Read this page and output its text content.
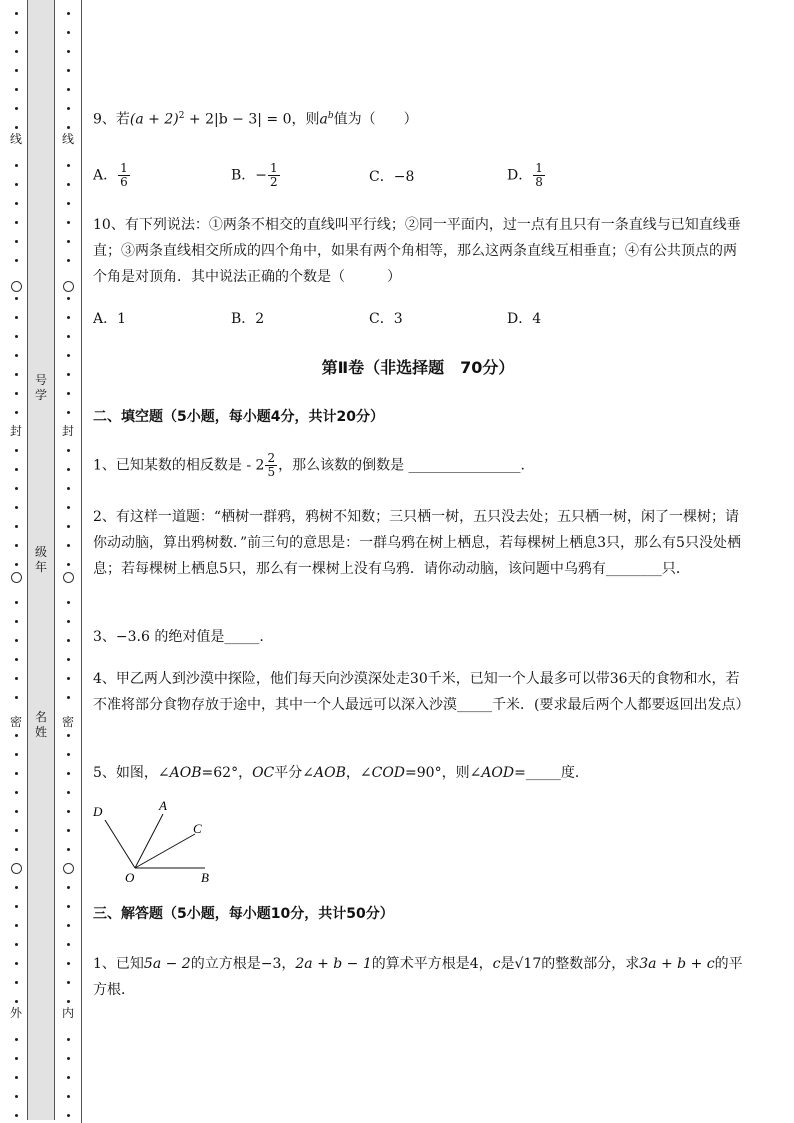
线
封
密
外
号
学
级
年
名
姓
线
封
密
内
9、若$(a + 2)^2 + 2|b - 3| = 0$，则$a^b$值为（　　）
A． $\frac{1}{6}$	B．− $\frac{1}{2}$	C．−8	D． $\frac{1}{8}$
10、有下列说法：①两条不相交的直线叫平行线；②同一平面内，过一点有且只有一条直线与已知直线垂直；③两条直线相交所成的四个角中，如果有两个角相等，那么这两条直线互相垂直；④有公共顶点的两个角是对顶角．其中说法正确的个数是（　　　）
A．1	B．2	C．3	D．4
第Ⅱ卷（非选择题　70分）
二、填空题（5小题，每小题4分，共计20分）
1、已知某数的相反数是 - $2 \frac{2}{5}$ ，那么该数的倒数是 ________________.
2、有这样一道题：“栖树一群鸦，鸦树不知数；三只栖一树，五只没去处；五只栖一树，闲了一棵树；请你动动脑，算出鸦树数．”前三句的意思是：一群乌鸦在树上栖息，若每棵树上栖息3只，那么有5只没处栖息；若每棵树上栖息5只，那么有一棵树上没有乌鸦．请你动动脑，该问题中乌鸦有________只．
3、−3.6 的绝对值是_____.
4、甲乙两人到沙漠中探险，他们每天向沙漠深处走30千米，已知一个人最多可以带36天的食物和水，若不准将部分食物存放于途中，其中一个人最远可以深入沙漠_____千米．(要求最后两个人都要返回出发点）
5、如图，∠AOB=62°，OC平分∠AOB，∠COD=90°，则∠AOD=_____度．
D	A
C
O	B
三、解答题（5小题，每小题10分，共计50分）
1、已知5a − 2的立方根是−3，2a + b − 1的算术平方根是4，c是√17的整数部分，求3a + b + c的平方根．
